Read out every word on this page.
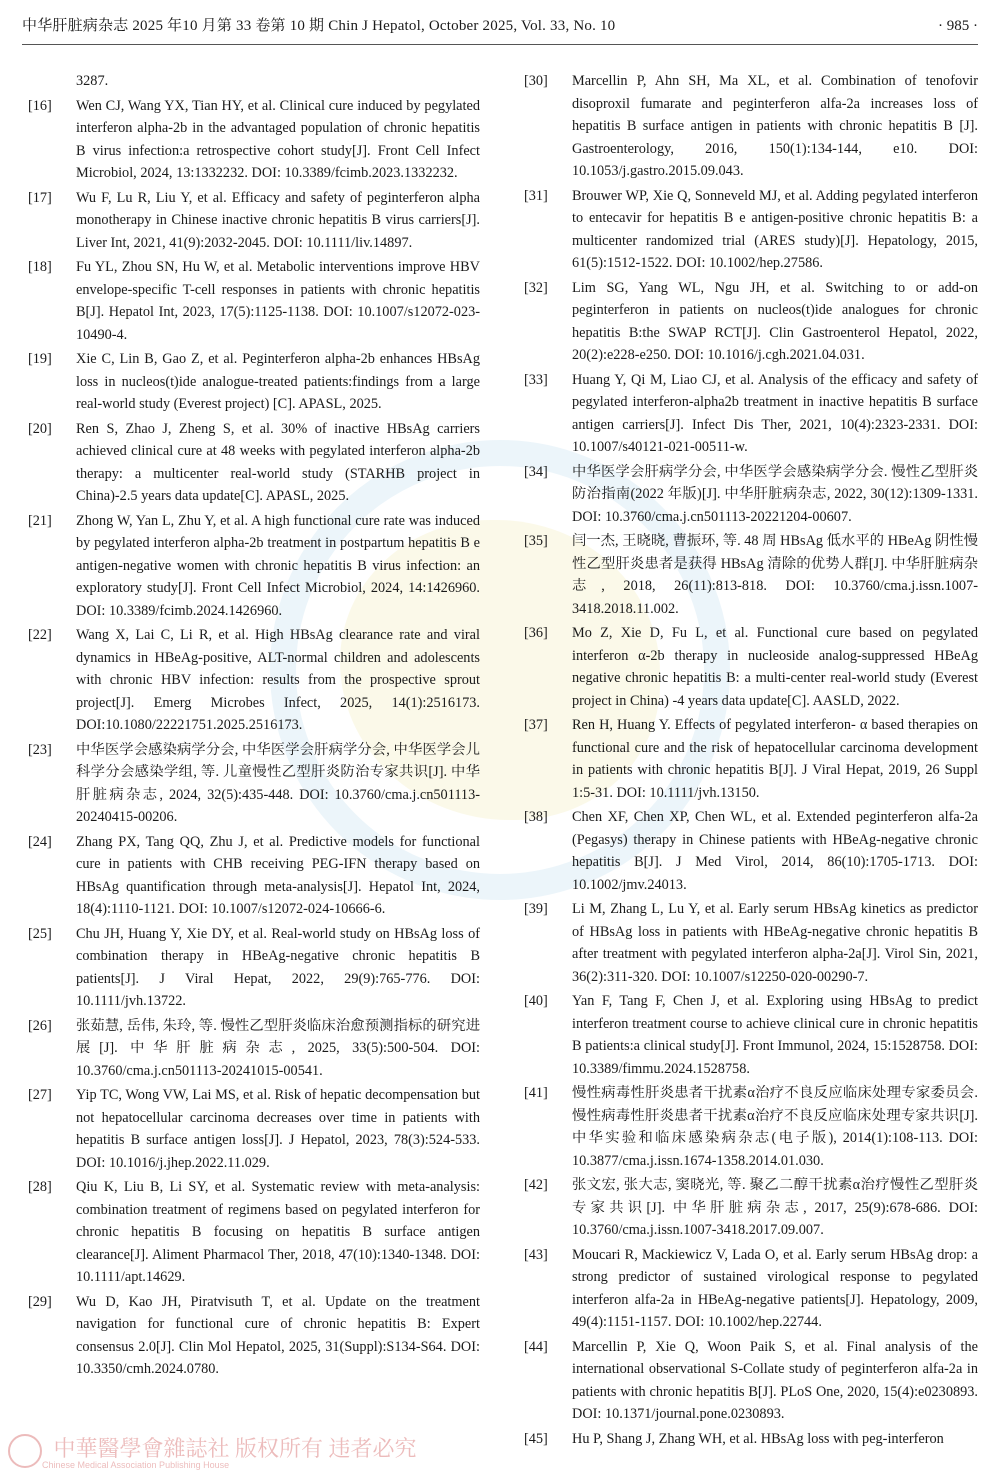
中华肝脏病杂志 2025 年10 月第 33 卷第 10 期 Chin J Hepatol, October 2025, Vol. 33, No. 10	· 985 ·
3287.
[16] Wen CJ, Wang YX, Tian HY, et al. Clinical cure induced by pegylated interferon alpha-2b in the advantaged population of chronic hepatitis B virus infection:a retrospective cohort study[J]. Front Cell Infect Microbiol, 2024, 13:1332232. DOI: 10.3389/fcimb.2023.1332232.
[17] Wu F, Lu R, Liu Y, et al. Efficacy and safety of peginterferon alpha monotherapy in Chinese inactive chronic hepatitis B virus carriers[J]. Liver Int, 2021, 41(9):2032-2045. DOI: 10.1111/liv.14897.
[18] Fu YL, Zhou SN, Hu W, et al. Metabolic interventions improve HBV envelope-specific T-cell responses in patients with chronic hepatitis B[J]. Hepatol Int, 2023, 17(5):1125-1138. DOI: 10.1007/s12072-023-10490-4.
[19] Xie C, Lin B, Gao Z, et al. Peginterferon alpha-2b enhances HBsAg loss in nucleos(t)ide analogue-treated patients:findings from a large real-world study (Everest project) [C]. APASL, 2025.
[20] Ren S, Zhao J, Zheng S, et al. 30% of inactive HBsAg carriers achieved clinical cure at 48 weeks with pegylated interferon alpha-2b therapy: a multicenter real-world study (STARHB project in China)-2.5 years data update[C]. APASL, 2025.
[21] Zhong W, Yan L, Zhu Y, et al. A high functional cure rate was induced by pegylated interferon alpha-2b treatment in postpartum hepatitis B e antigen-negative women with chronic hepatitis B virus infection: an exploratory study[J]. Front Cell Infect Microbiol, 2024, 14:1426960. DOI: 10.3389/fcimb.2024.1426960.
[22] Wang X, Lai C, Li R, et al. High HBsAg clearance rate and viral dynamics in HBeAg-positive, ALT-normal children and adolescents with chronic HBV infection: results from the prospective sprout project[J]. Emerg Microbes Infect, 2025, 14(1):2516173. DOI:10.1080/22221751.2025.2516173.
[23] 中华医学会感染病学分会, 中华医学会肝病学分会, 中华医学会儿科学分会感染学组, 等. 儿童慢性乙型肝炎防治专家共识[J]. 中华肝脏病杂志, 2024, 32(5):435-448. DOI: 10.3760/cma.j.cn501113-20240415-00206.
[24] Zhang PX, Tang QQ, Zhu J, et al. Predictive models for functional cure in patients with CHB receiving PEG-IFN therapy based on HBsAg quantification through meta-analysis[J]. Hepatol Int, 2024, 18(4):1110-1121. DOI: 10.1007/s12072-024-10666-6.
[25] Chu JH, Huang Y, Xie DY, et al. Real-world study on HBsAg loss of combination therapy in HBeAg-negative chronic hepatitis B patients[J]. J Viral Hepat, 2022, 29(9):765-776. DOI: 10.1111/jvh.13722.
[26] 张茹慧, 岳伟, 朱玲, 等. 慢性乙型肝炎临床治愈预测指标的研究进展[J]. 中华肝脏病杂志, 2025, 33(5):500-504. DOI: 10.3760/cma.j.cn501113-20241015-00541.
[27] Yip TC, Wong VW, Lai MS, et al. Risk of hepatic decompensation but not hepatocellular carcinoma decreases over time in patients with hepatitis B surface antigen loss[J]. J Hepatol, 2023, 78(3):524-533. DOI: 10.1016/j.jhep.2022.11.029.
[28] Qiu K, Liu B, Li SY, et al. Systematic review with meta-analysis: combination treatment of regimens based on pegylated interferon for chronic hepatitis B focusing on hepatitis B surface antigen clearance[J]. Aliment Pharmacol Ther, 2018, 47(10):1340-1348. DOI: 10.1111/apt.14629.
[29] Wu D, Kao JH, Piratvisuth T, et al. Update on the treatment navigation for functional cure of chronic hepatitis B: Expert consensus 2.0[J]. Clin Mol Hepatol, 2025, 31(Suppl):S134-S64. DOI: 10.3350/cmh.2024.0780.
[30] Marcellin P, Ahn SH, Ma XL, et al. Combination of tenofovir disoproxil fumarate and peginterferon alfa-2a increases loss of hepatitis B surface antigen in patients with chronic hepatitis B [J]. Gastroenterology, 2016, 150(1):134-144, e10. DOI: 10.1053/j.gastro.2015.09.043.
[31] Brouwer WP, Xie Q, Sonneveld MJ, et al. Adding pegylated interferon to entecavir for hepatitis B e antigen-positive chronic hepatitis B: a multicenter randomized trial (ARES study)[J]. Hepatology, 2015, 61(5):1512-1522. DOI: 10.1002/hep.27586.
[32] Lim SG, Yang WL, Ngu JH, et al. Switching to or add-on peginterferon in patients on nucleos(t)ide analogues for chronic hepatitis B:the SWAP RCT[J]. Clin Gastroenterol Hepatol, 2022, 20(2):e228-e250. DOI: 10.1016/j.cgh.2021.04.031.
[33] Huang Y, Qi M, Liao CJ, et al. Analysis of the efficacy and safety of pegylated interferon-alpha2b treatment in inactive hepatitis B surface antigen carriers[J]. Infect Dis Ther, 2021, 10(4):2323-2331. DOI: 10.1007/s40121-021-00511-w.
[34] 中华医学会肝病学分会, 中华医学会感染病学分会. 慢性乙型肝炎防治指南(2022 年版)[J]. 中华肝脏病杂志, 2022, 30(12):1309-1331. DOI: 10.3760/cma.j.cn501113-20221204-00607.
[35] 闫一杰, 王晓晓, 曹振环, 等. 48 周 HBsAg 低水平的 HBeAg 阴性慢性乙型肝炎患者是获得 HBsAg 清除的优势人群[J]. 中华肝脏病杂志, 2018, 26(11):813-818. DOI: 10.3760/cma.j.issn.1007-3418.2018.11.002.
[36] Mo Z, Xie D, Fu L, et al. Functional cure based on pegylated interferon α-2b therapy in nucleoside analog-suppressed HBeAg negative chronic hepatitis B: a multi-center real-world study (Everest project in China) -4 years data update[C]. AASLD, 2022.
[37] Ren H, Huang Y. Effects of pegylated interferon- α based therapies on functional cure and the risk of hepatocellular carcinoma development in patients with chronic hepatitis B[J]. J Viral Hepat, 2019, 26 Suppl 1:5-31. DOI: 10.1111/jvh.13150.
[38] Chen XF, Chen XP, Chen WL, et al. Extended peginterferon alfa-2a (Pegasys) therapy in Chinese patients with HBeAg-negative chronic hepatitis B[J]. J Med Virol, 2014, 86(10):1705-1713. DOI: 10.1002/jmv.24013.
[39] Li M, Zhang L, Lu Y, et al. Early serum HBsAg kinetics as predictor of HBsAg loss in patients with HBeAg-negative chronic hepatitis B after treatment with pegylated interferon alpha-2a[J]. Virol Sin, 2021, 36(2):311-320. DOI: 10.1007/s12250-020-00290-7.
[40] Yan F, Tang F, Chen J, et al. Exploring using HBsAg to predict interferon treatment course to achieve clinical cure in chronic hepatitis B patients:a clinical study[J]. Front Immunol, 2024, 15:1528758. DOI: 10.3389/fimmu.2024.1528758.
[41] 慢性病毒性肝炎患者干扰素α治疗不良反应临床处理专家委员会. 慢性病毒性肝炎患者干扰素α治疗不良反应临床处理专家共识[J]. 中华实验和临床感染病杂志(电子版), 2014(1):108-113. DOI: 10.3877/cma.j.issn.1674-1358.2014.01.030.
[42] 张文宏, 张大志, 窦晓光, 等. 聚乙二醇干扰素α治疗慢性乙型肝炎专家共识[J]. 中华肝脏病杂志, 2017, 25(9):678-686. DOI: 10.3760/cma.j.issn.1007-3418.2017.09.007.
[43] Moucari R, Mackiewicz V, Lada O, et al. Early serum HBsAg drop: a strong predictor of sustained virological response to pegylated interferon alfa-2a in HBeAg-negative patients[J]. Hepatology, 2009, 49(4):1151-1157. DOI: 10.1002/hep.22744.
[44] Marcellin P, Xie Q, Woon Paik S, et al. Final analysis of the international observational S-Collate study of peginterferon alfa-2a in patients with chronic hepatitis B[J]. PLoS One, 2020, 15(4):e0230893. DOI: 10.1371/journal.pone.0230893.
[45] Hu P, Shang J, Zhang WH, et al. HBsAg loss with peg-interferon
中華醫學會雜誌社 版权所有 违者必究
Chinese Medical Association Publishing House
